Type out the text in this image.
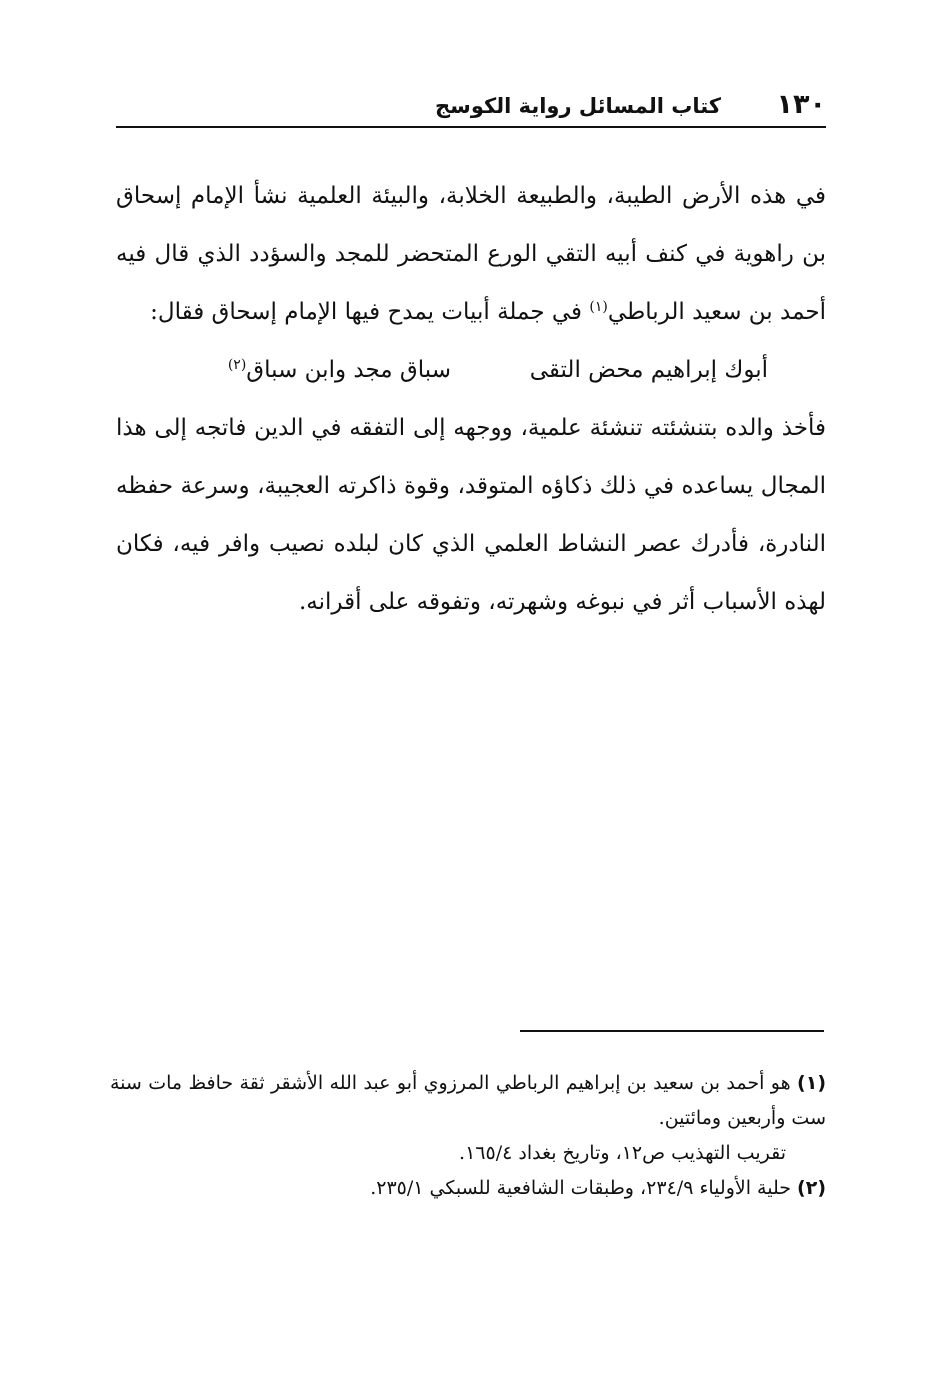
١٣٠
كتاب المسائل رواية الكوسج

في هذه الأرض الطيبة، والطبيعة الخلابة، والبيئة العلمية نشأ الإمام إسحاق بن راهوية في كنف أبيه التقي الورع المتحضر للمجد والسؤدد الذي قال فيه أحمد بن سعيد الرباطي$^{(١)}$ في جملة أبيات يمدح فيها الإمام إسحاق فقال:

أبوك إبراهيم محض التقى
سباق مجد وابن سباق$^{(٢)}$

فأخذ والده بتنشئته تنشئة علمية، ووجهه إلى التفقه في الدين فاتجه إلى هذا المجال يساعده في ذلك ذكاؤه المتوقد، وقوة ذاكرته العجيبة، وسرعة حفظه النادرة، فأدرك عصر النشاط العلمي الذي كان لبلده نصيب وافر فيه، فكان لهذه الأسباب أثر في نبوغه وشهرته، وتفوقه على أقرانه.

(١) هو أحمد بن سعيد بن إبراهيم الرباطي المرزوي أبو عبد الله الأشقر ثقة حافظ مات سنة ست وأربعين ومائتين.

تقريب التهذيب ص١٢، وتاريخ بغداد ١٦٥/٤.

(٢) حلية الأولياء ٢٣٤/٩، وطبقات الشافعية للسبكي ٢٣٥/١.
